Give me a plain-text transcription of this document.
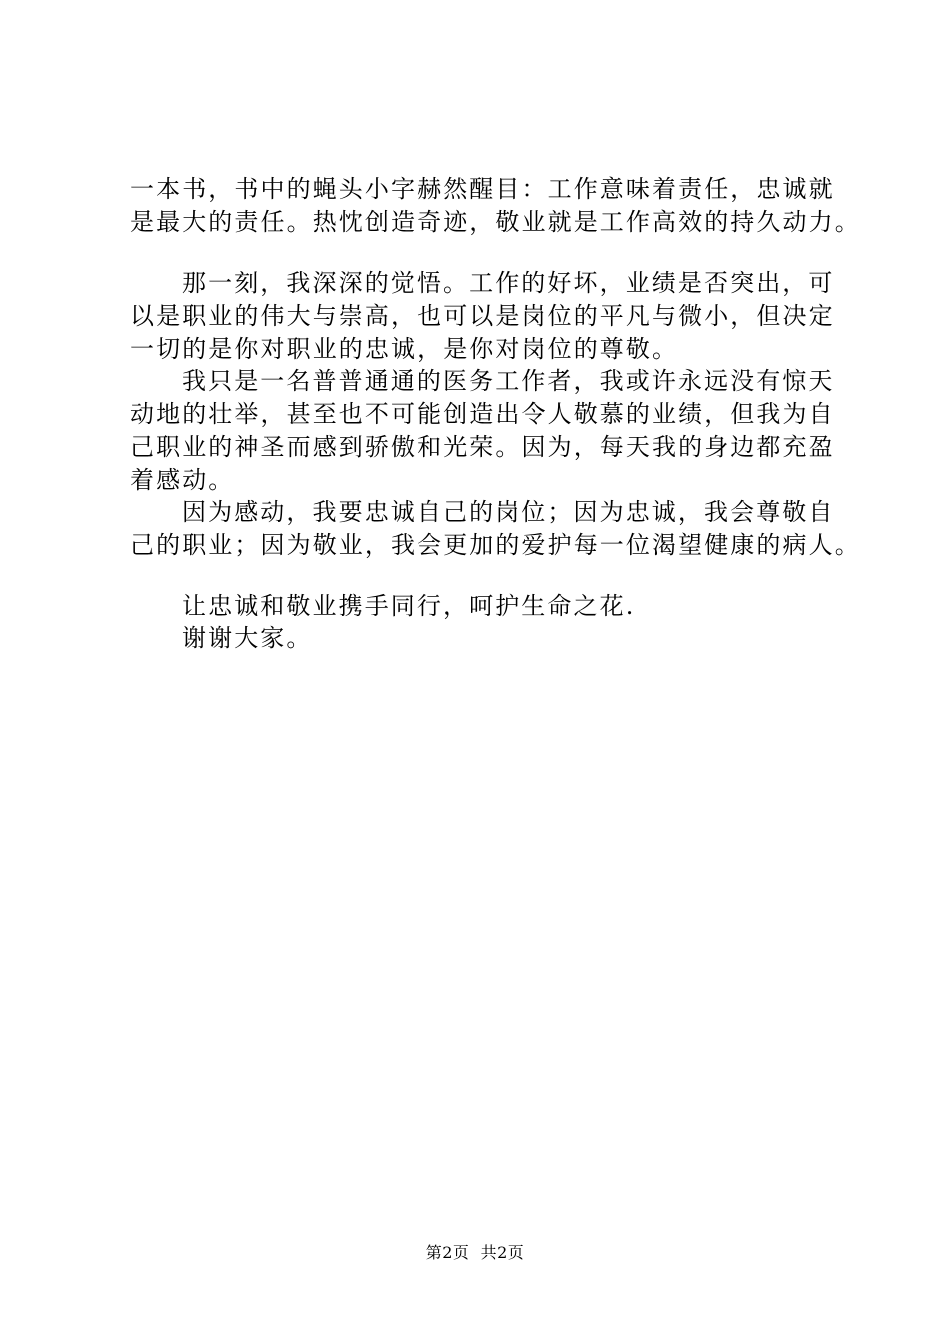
一本书，书中的蝇头小字赫然醒目：工作意味着责任，忠诚就
是最大的责任。热忱创造奇迹，敬业就是工作高效的持久动力。
那一刻，我深深的觉悟。工作的好坏，业绩是否突出，可
以是职业的伟大与崇高，也可以是岗位的平凡与微小，但决定
一切的是你对职业的忠诚，是你对岗位的尊敬。
我只是一名普普通通的医务工作者，我或许永远没有惊天
动地的壮举，甚至也不可能创造出令人敬慕的业绩，但我为自
己职业的神圣而感到骄傲和光荣。因为，每天我的身边都充盈
着感动。
因为感动，我要忠诚自己的岗位；因为忠诚，我会尊敬自
己的职业；因为敬业，我会更加的爱护每一位渴望健康的病人。
让忠诚和敬业携手同行，呵护生命之花.
谢谢大家。
第2页  共2页
